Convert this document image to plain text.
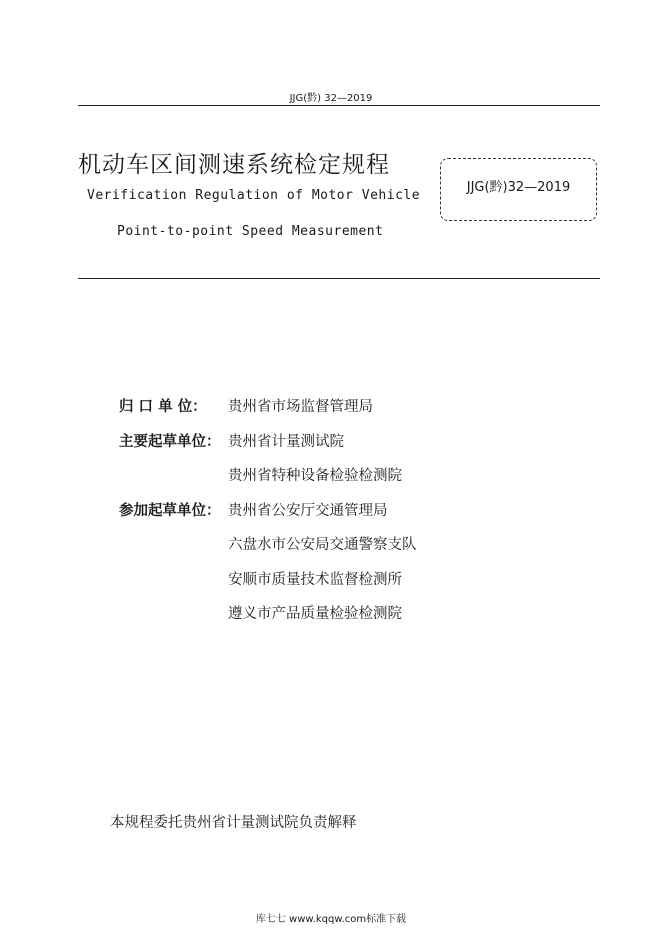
JJG(黔) 32—2019
机动车区间测速系统检定规程
Verification Regulation of Motor Vehicle
Point-to-point Speed Measurement
JJG(黔)32—2019
归 口 单 位：	贵州省市场监督管理局
主要起草单位： 贵州省计量测试院
贵州省特种设备检验检测院
参加起草单位： 贵州省公安厅交通管理局
六盘水市公安局交通警察支队
安顺市质量技术监督检测所
遵义市产品质量检验检测院
本规程委托贵州省计量测试院负责解释
库七七 www.kqqw.com标准下载
